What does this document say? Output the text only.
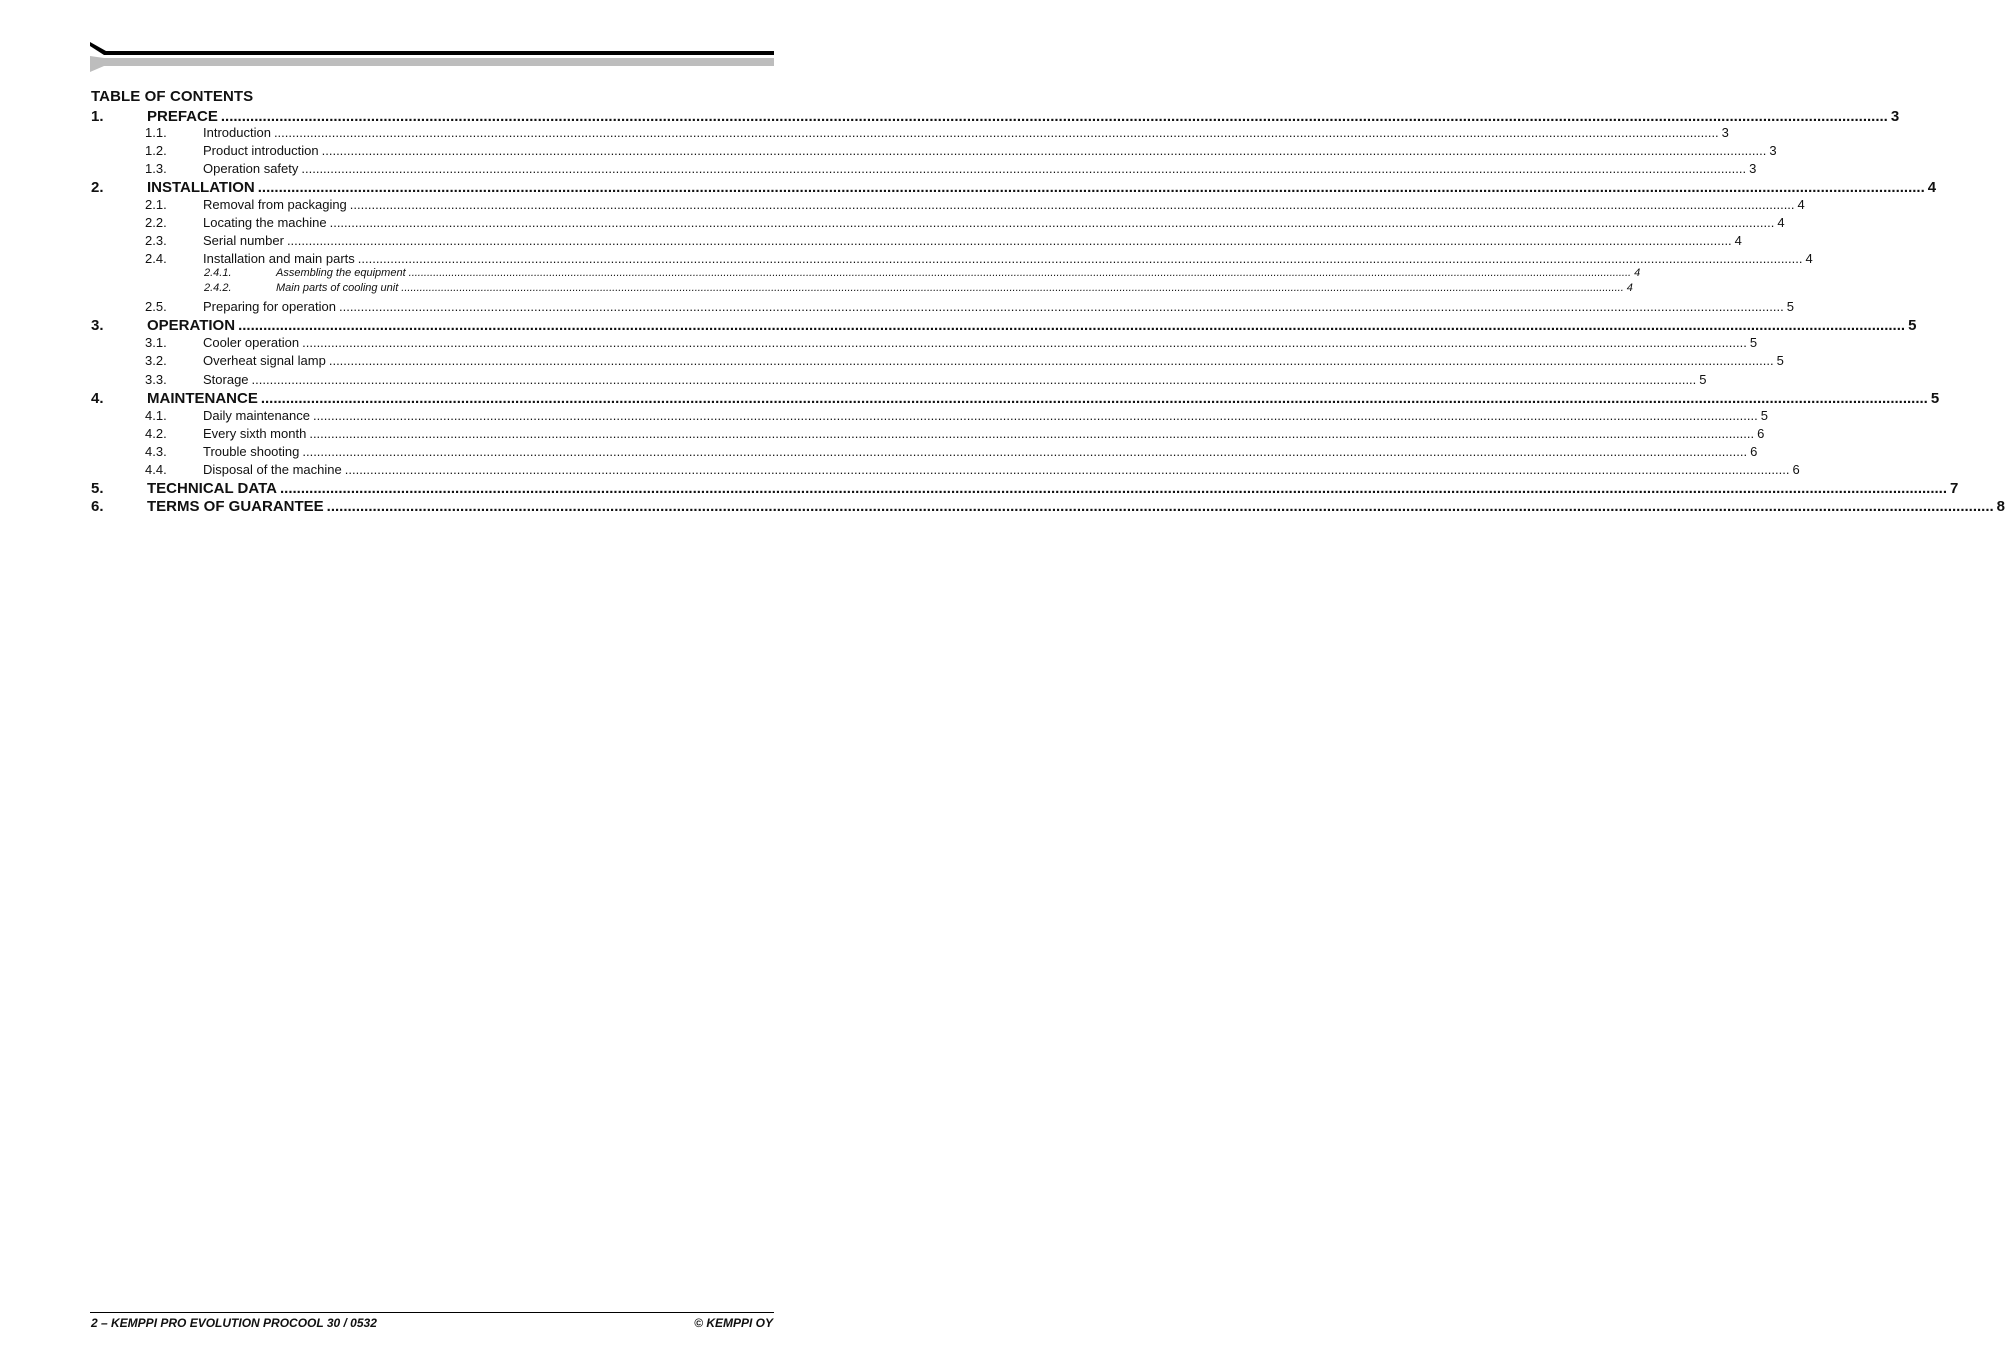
TABLE OF CONTENTS
1.	PREFACE ................................................................................................................................................................................................................................................................................................................................................................................................................ 3
1.1.	Introduction ................................................................................................................................................................................................................................................................................................................................................................................................................ 3
1.2.	Product introduction ................................................................................................................................................................................................................................................................................................................................................................................................................ 3
1.3.	Operation safety ................................................................................................................................................................................................................................................................................................................................................................................................................ 3
2.	INSTALLATION ................................................................................................................................................................................................................................................................................................................................................................................................................ 4
2.1.	Removal from packaging ................................................................................................................................................................................................................................................................................................................................................................................................................ 4
2.2.	Locating the machine ................................................................................................................................................................................................................................................................................................................................................................................................................ 4
2.3.	Serial number ................................................................................................................................................................................................................................................................................................................................................................................................................ 4
2.4.	Installation and main parts ................................................................................................................................................................................................................................................................................................................................................................................................................ 4
2.4.1.	Assembling the equipment ................................................................................................................................................................................................................................................................................................................................................................................................................ 4
2.4.2.	Main parts of cooling unit ................................................................................................................................................................................................................................................................................................................................................................................................................ 4
2.5.	Preparing for operation ................................................................................................................................................................................................................................................................................................................................................................................................................ 5
3.	OPERATION ................................................................................................................................................................................................................................................................................................................................................................................................................ 5
3.1.	Cooler operation ................................................................................................................................................................................................................................................................................................................................................................................................................ 5
3.2.	Overheat signal lamp ................................................................................................................................................................................................................................................................................................................................................................................................................ 5
3.3.	Storage ................................................................................................................................................................................................................................................................................................................................................................................................................ 5
4.	MAINTENANCE ................................................................................................................................................................................................................................................................................................................................................................................................................ 5
4.1.	Daily maintenance ................................................................................................................................................................................................................................................................................................................................................................................................................ 5
4.2.	Every sixth month ................................................................................................................................................................................................................................................................................................................................................................................................................ 6
4.3.	Trouble shooting ................................................................................................................................................................................................................................................................................................................................................................................................................ 6
4.4.	Disposal of the machine ................................................................................................................................................................................................................................................................................................................................................................................................................ 6
5.	TECHNICAL DATA ................................................................................................................................................................................................................................................................................................................................................................................................................ 7
6.	TERMS OF GUARANTEE ................................................................................................................................................................................................................................................................................................................................................................................................................ 8
2 – KEMPPI PRO EVOLUTION PROCOOL 30 / 0532	© KEMPPI OY
